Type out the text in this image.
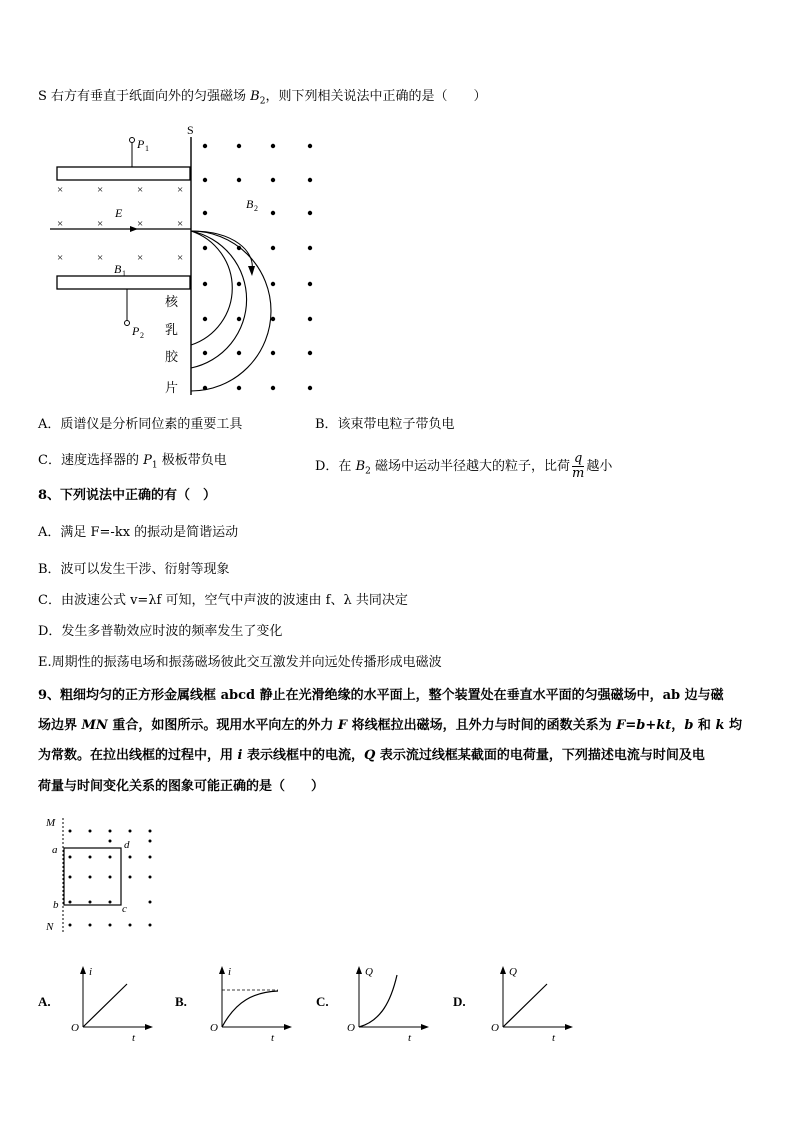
S 右方有垂直于纸面向外的匀强磁场 $B_2$，则下列相关说法中正确的是（　　）
×	×	×	×
×	×	×	×
×	×	×	×
S
P 1
P 2
E
B 2
B 1
核
乳
胶
片
A．质谱仪是分析同位素的重要工具	B．该束带电粒子带负电
C．速度选择器的 $P_1$ 极板带负电	D．在 $B_2$ 磁场中运动半径越大的粒子，比荷 $\frac{q}{m}$ 越小
8、下列说法中正确的有（　）
A．满足 F=-kx 的振动是简谐运动
B．波可以发生干涉、衍射等现象
C．由波速公式 v=λf 可知，空气中声波的波速由 f、λ 共同决定
D．发生多普勒效应时波的频率发生了变化
E.周期性的振荡电场和振荡磁场彼此交互激发并向远处传播形成电磁波
9、粗细均匀的正方形金属线框 abcd 静止在光滑绝缘的水平面上，整个装置处在垂直水平面的匀强磁场中，ab 边与磁
场边界 MN 重合，如图所示。现用水平向左的外力 F 将线框拉出磁场，且外力与时间的函数关系为 F=b+kt，b 和 k 均
为常数。在拉出线框的过程中，用 i 表示线框中的电流，Q 表示流过线框某截面的电荷量，下列描述电流与时间及电
荷量与时间变化关系的图象可能正确的是（　　）
M
N
a	d
b	c
A.
i
O
t
B.
i
O
t
C.
Q
O
t
D.
Q
O
t
